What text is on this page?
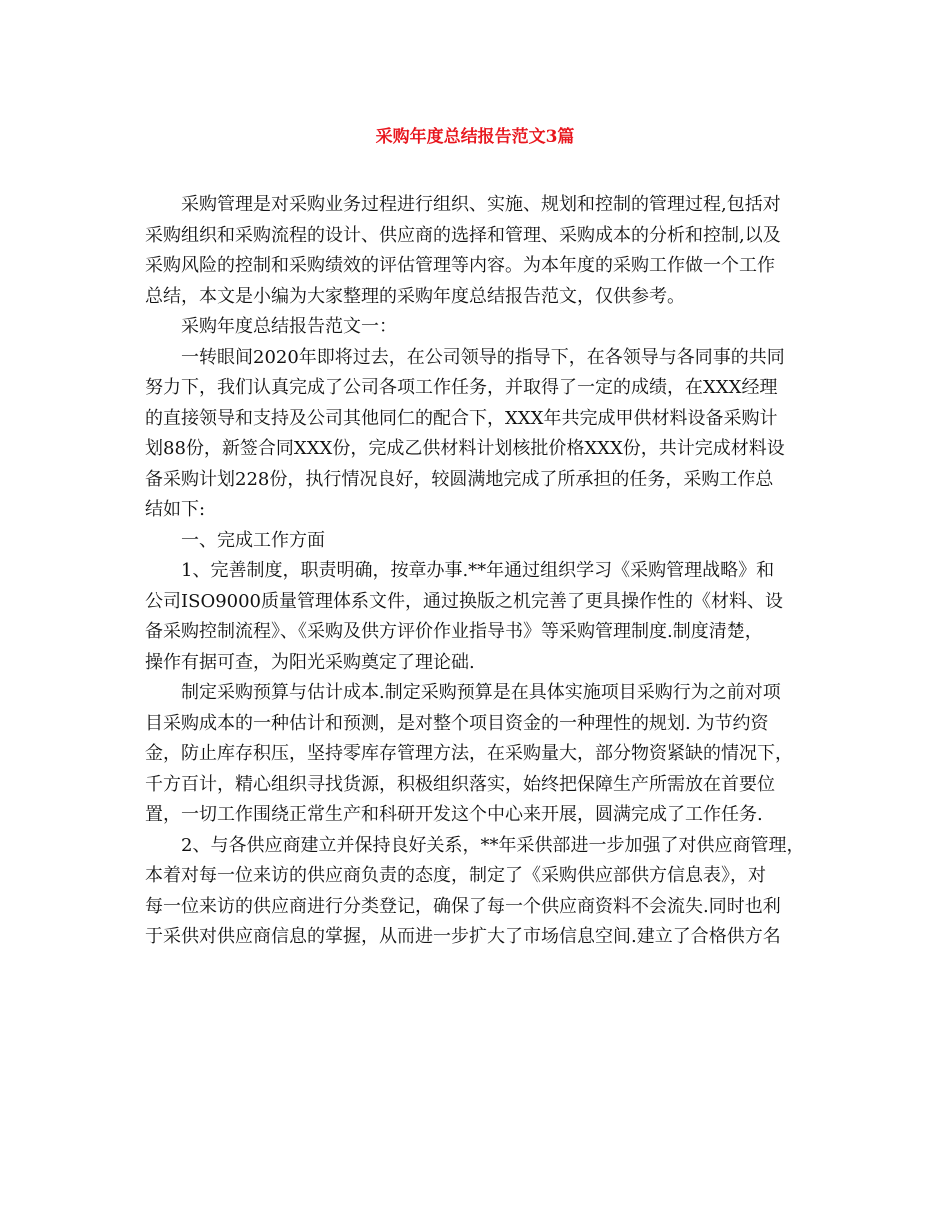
采购年度总结报告范文3篇
采购管理是对采购业务过程进行组织、实施、规划和控制的管理过程,包括对
采购组织和采购流程的设计、供应商的选择和管理、采购成本的分析和控制,以及
采购风险的控制和采购绩效的评估管理等内容。为本年度的采购工作做一个工作
总结，本文是小编为大家整理的采购年度总结报告范文，仅供参考。
采购年度总结报告范文一：
一转眼间2020年即将过去，在公司领导的指导下，在各领导与各同事的共同
努力下，我们认真完成了公司各项工作任务，并取得了一定的成绩，在XXX经理
的直接领导和支持及公司其他同仁的配合下，XXX年共完成甲供材料设备采购计
划88份，新签合同XXX份，完成乙供材料计划核批价格XXX份，共计完成材料设
备采购计划228份，执行情况良好，较圆满地完成了所承担的任务，采购工作总
结如下:
一、完成工作方面
1、完善制度，职责明确，按章办事.**年通过组织学习《采购管理战略》和
公司ISO9000质量管理体系文件，通过换版之机完善了更具操作性的《材料、设
备采购控制流程》、《采购及供方评价作业指导书》等采购管理制度.制度清楚，
操作有据可查，为阳光采购奠定了理论础.
制定采购预算与估计成本.制定采购预算是在具体实施项目采购行为之前对项
目采购成本的一种估计和预测，是对整个项目资金的一种理性的规划. 为节约资
金，防止库存积压，坚持零库存管理方法，在采购量大，部分物资紧缺的情况下，
千方百计，精心组织寻找货源，积极组织落实，始终把保障生产所需放在首要位
置，一切工作围绕正常生产和科研开发这个中心来开展，圆满完成了工作任务.
2、与各供应商建立并保持良好关系，**年采供部进一步加强了对供应商管理，
本着对每一位来访的供应商负责的态度，制定了《采购供应部供方信息表》，对
每一位来访的供应商进行分类登记，确保了每一个供应商资料不会流失.同时也利
于采供对供应商信息的掌握，从而进一步扩大了市场信息空间.建立了合格供方名
